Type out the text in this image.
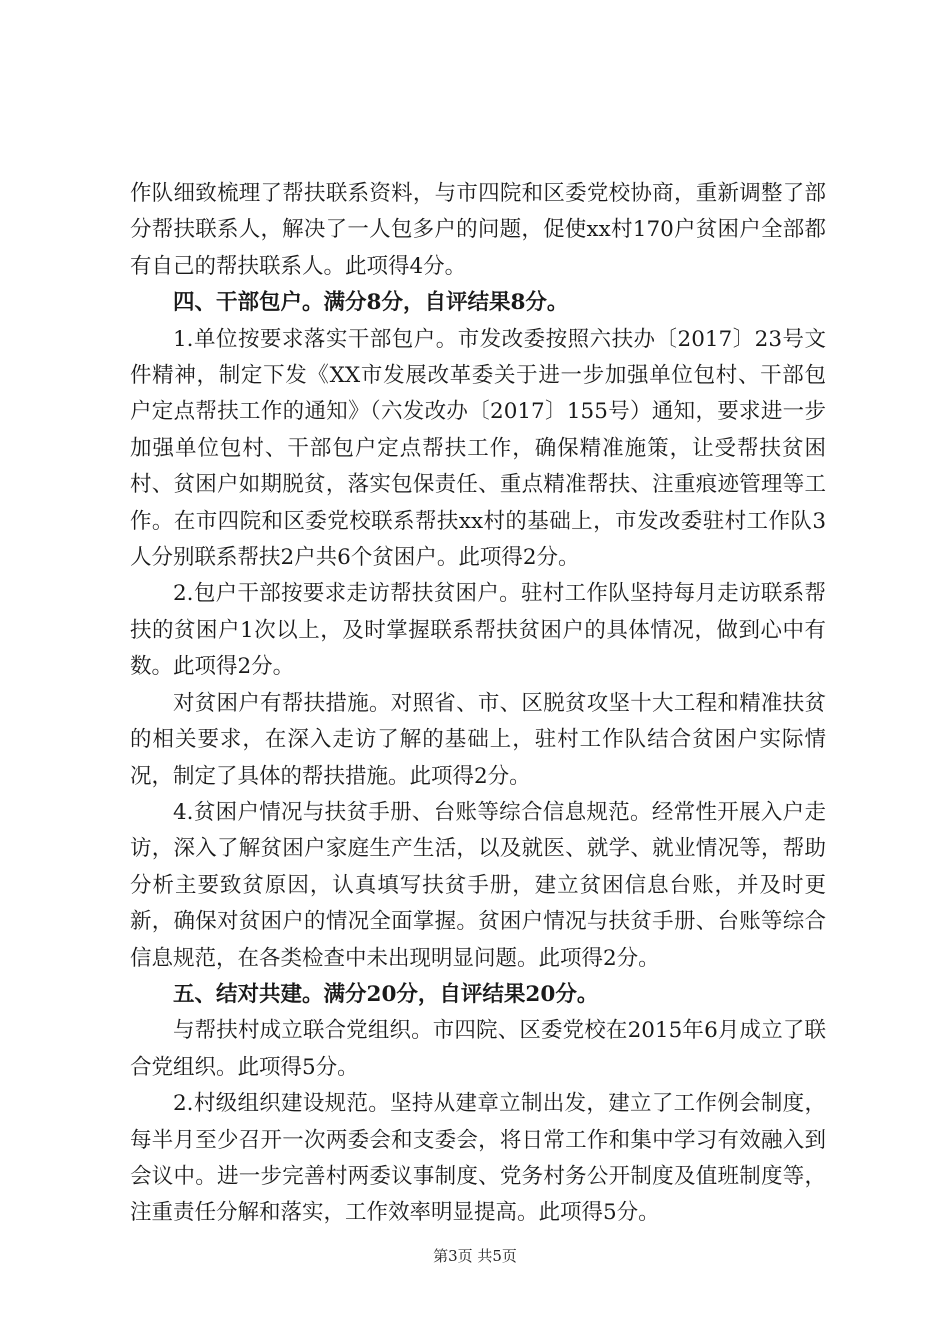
作队细致梳理了帮扶联系资料，与市四院和区委党校协商，重新调整了部分帮扶联系人，解决了一人包多户的问题，促使xx村170户贫困户全部都有自己的帮扶联系人。此项得4分。

四、干部包户。满分8分，自评结果8分。

1.单位按要求落实干部包户。市发改委按照六扶办〔2017〕23号文件精神，制定下发《XX市发展改革委关于进一步加强单位包村、干部包户定点帮扶工作的通知》（六发改办〔2017〕155号）通知，要求进一步加强单位包村、干部包户定点帮扶工作，确保精准施策，让受帮扶贫困村、贫困户如期脱贫，落实包保责任、重点精准帮扶、注重痕迹管理等工作。在市四院和区委党校联系帮扶xx村的基础上，市发改委驻村工作队3人分别联系帮扶2户共6个贫困户。此项得2分。

2.包户干部按要求走访帮扶贫困户。驻村工作队坚持每月走访联系帮扶的贫困户1次以上，及时掌握联系帮扶贫困户的具体情况，做到心中有数。此项得2分。

对贫困户有帮扶措施。对照省、市、区脱贫攻坚十大工程和精准扶贫的相关要求，在深入走访了解的基础上，驻村工作队结合贫困户实际情况，制定了具体的帮扶措施。此项得2分。

4.贫困户情况与扶贫手册、台账等综合信息规范。经常性开展入户走访，深入了解贫困户家庭生产生活，以及就医、就学、就业情况等，帮助分析主要致贫原因，认真填写扶贫手册，建立贫困信息台账，并及时更新，确保对贫困户的情况全面掌握。贫困户情况与扶贫手册、台账等综合信息规范，在各类检查中未出现明显问题。此项得2分。

五、结对共建。满分20分，自评结果20分。

与帮扶村成立联合党组织。市四院、区委党校在2015年6月成立了联合党组织。此项得5分。

2.村级组织建设规范。坚持从建章立制出发，建立了工作例会制度，每半月至少召开一次两委会和支委会，将日常工作和集中学习有效融入到会议中。进一步完善村两委议事制度、党务村务公开制度及值班制度等，注重责任分解和落实，工作效率明显提高。此项得5分。

第3页 共5页
